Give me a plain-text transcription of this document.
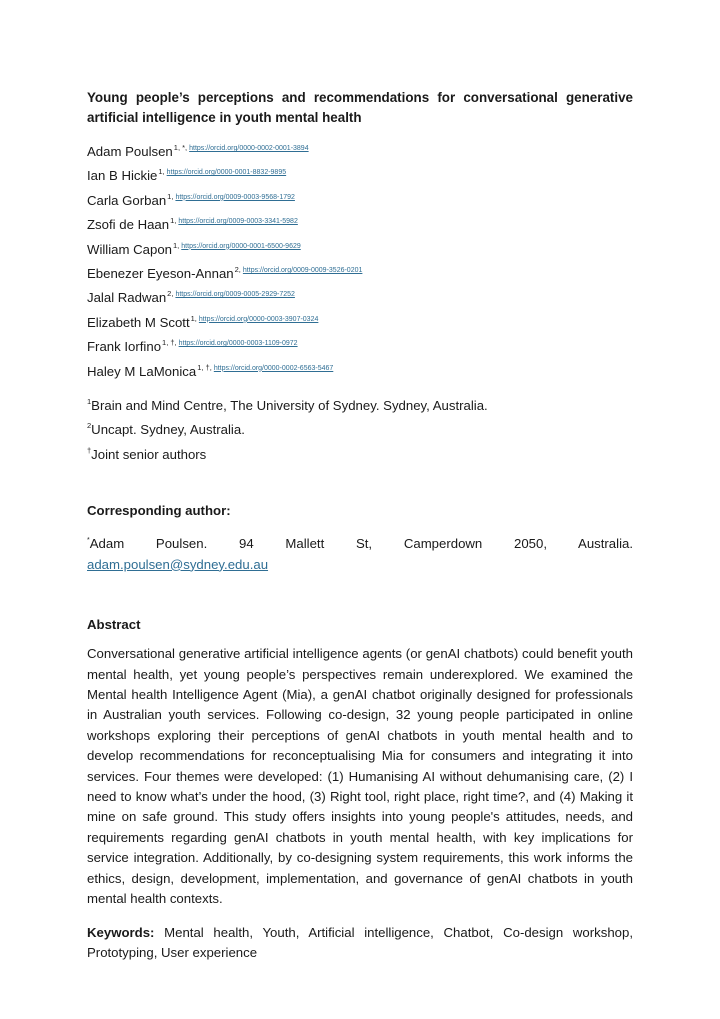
Young people’s perceptions and recommendations for conversational generative artificial intelligence in youth mental health
Adam Poulsen$^{1, *,}$ $^{https://orcid.org/0000-0002-0001-3894}$
Ian B Hickie$^{1,}$ $^{https://orcid.org/0000-0001-8832-9895}$
Carla Gorban$^{1,}$ $^{https://orcid.org/0009-0003-9568-1792}$
Zsofi de Haan$^{1,}$ $^{https://orcid.org/0009-0003-3341-5982}$
William Capon$^{1,}$ $^{https://orcid.org/0000-0001-6500-9629}$
Ebenezer Eyeson-Annan$^{2,}$ $^{https://orcid.org/0009-0009-3526-0201}$
Jalal Radwan$^{2,}$ $^{https://orcid.org/0009-0005-2929-7252}$
Elizabeth M Scott$^{1,}$ $^{https://orcid.org/0000-0003-3907-0324}$
Frank Iorfino$^{1, \dagger,}$ $^{https://orcid.org/0000-0003-1109-0972}$
Haley M LaMonica$^{1, \dagger,}$ $^{https://orcid.org/0000-0002-6563-5467}$
$^1$Brain and Mind Centre, The University of Sydney. Sydney, Australia.
$^2$Uncapt. Sydney, Australia.
†Joint senior authors

Corresponding author:

*Adam Poulsen. 94 Mallett St, Camperdown 2050, Australia.
adam.poulsen@sydney.edu.au

Abstract

Conversational generative artificial intelligence agents (or genAI chatbots) could benefit youth mental health, yet young people’s perspectives remain underexplored. We examined the Mental health Intelligence Agent (Mia), a genAI chatbot originally designed for professionals in Australian youth services. Following co-design, 32 young people participated in online workshops exploring their perceptions of genAI chatbots in youth mental health and to develop recommendations for reconceptualising Mia for consumers and integrating it into services. Four themes were developed: (1) Humanising AI without dehumanising care, (2) I need to know what’s under the hood, (3) Right tool, right place, right time?, and (4) Making it mine on safe ground. This study offers insights into young people's attitudes, needs, and requirements regarding genAI chatbots in youth mental health, with key implications for service integration. Additionally, by co-designing system requirements, this work informs the ethics, design, development, implementation, and governance of genAI chatbots in youth mental health contexts.

Keywords: Mental health, Youth, Artificial intelligence, Chatbot, Co-design workshop, Prototyping, User experience
